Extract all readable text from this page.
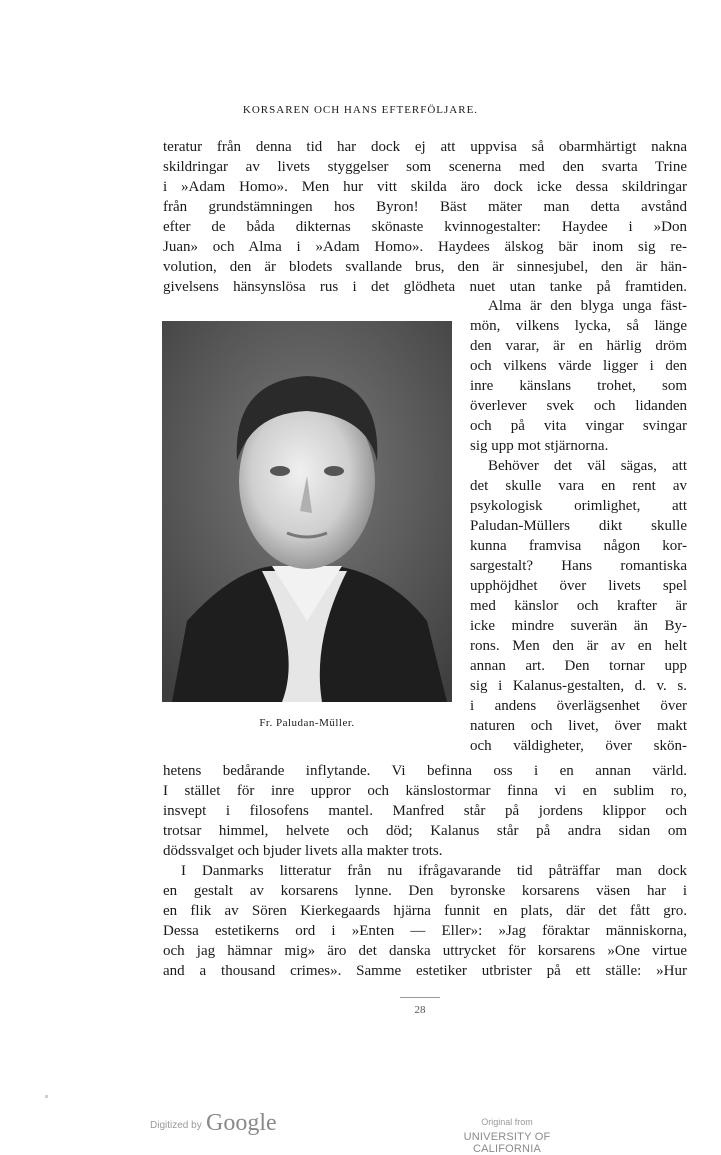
KORSAREN OCH HANS EFTERFÖLJARE.
teratur från denna tid har dock ej att uppvisa så obarmhärtigt nakna
skildringar av livets styggelser som scenerna med den svarta Trine
i »Adam Homo». Men hur vitt skilda äro dock icke dessa skildringar
från grundstämningen hos Byron! Bäst mäter man detta avstånd
efter de båda dikternas skönaste kvinnogestalter: Haydee i »Don
Juan» och Alma i »Adam Homo». Haydees älskog bär inom sig re-
volution, den är blodets svallande brus, den är sinnesjubel, den är hän-
givelsens hänsynslösa rus i det glödheta nuet utan tanke på framtiden.
Fr. Paludan-Müller.
Alma är den blyga unga fäst-
mön, vilkens lycka, så länge
den varar, är en härlig dröm
och vilkens värde ligger i den
inre känslans trohet, som
överlever svek och lidanden
och på vita vingar svingar
sig upp mot stjärnorna.
Behöver det väl sägas, att
det skulle vara en rent av
psykologisk orimlighet, att
Paludan-Müllers dikt skulle
kunna framvisa någon kor-
sargestalt? Hans romantiska
upphöjdhet över livets spel
med känslor och krafter är
icke mindre suverän än By-
rons. Men den är av en helt
annan art. Den tornar upp
sig i Kalanus-gestalten, d. v. s.
i andens överlägsenhet över
naturen och livet, över makt
och väldigheter, över skön-
hetens bedårande inflytande. Vi befinna oss i en annan värld.
I stället för inre uppror och känslostormar finna vi en sublim ro,
insvept i filosofens mantel. Manfred står på jordens klippor och
trotsar himmel, helvete och död; Kalanus står på andra sidan om
dödssvalget och bjuder livets alla makter trots.
I Danmarks litteratur från nu ifrågavarande tid påträffar man dock
en gestalt av korsarens lynne. Den byronske korsarens väsen har i
en flik av Sören Kierkegaards hjärna funnit en plats, där det fått gro.
Dessa estetikerns ord i »Enten — Eller»: »Jag föraktar människorna,
och jag hämnar mig» äro det danska uttrycket för korsarens »One virtue
and a thousand crimes». Samme estetiker utbrister på ett ställe: »Hur
28
Digitized by Google	Original from
UNIVERSITY OF CALIFORNIA
